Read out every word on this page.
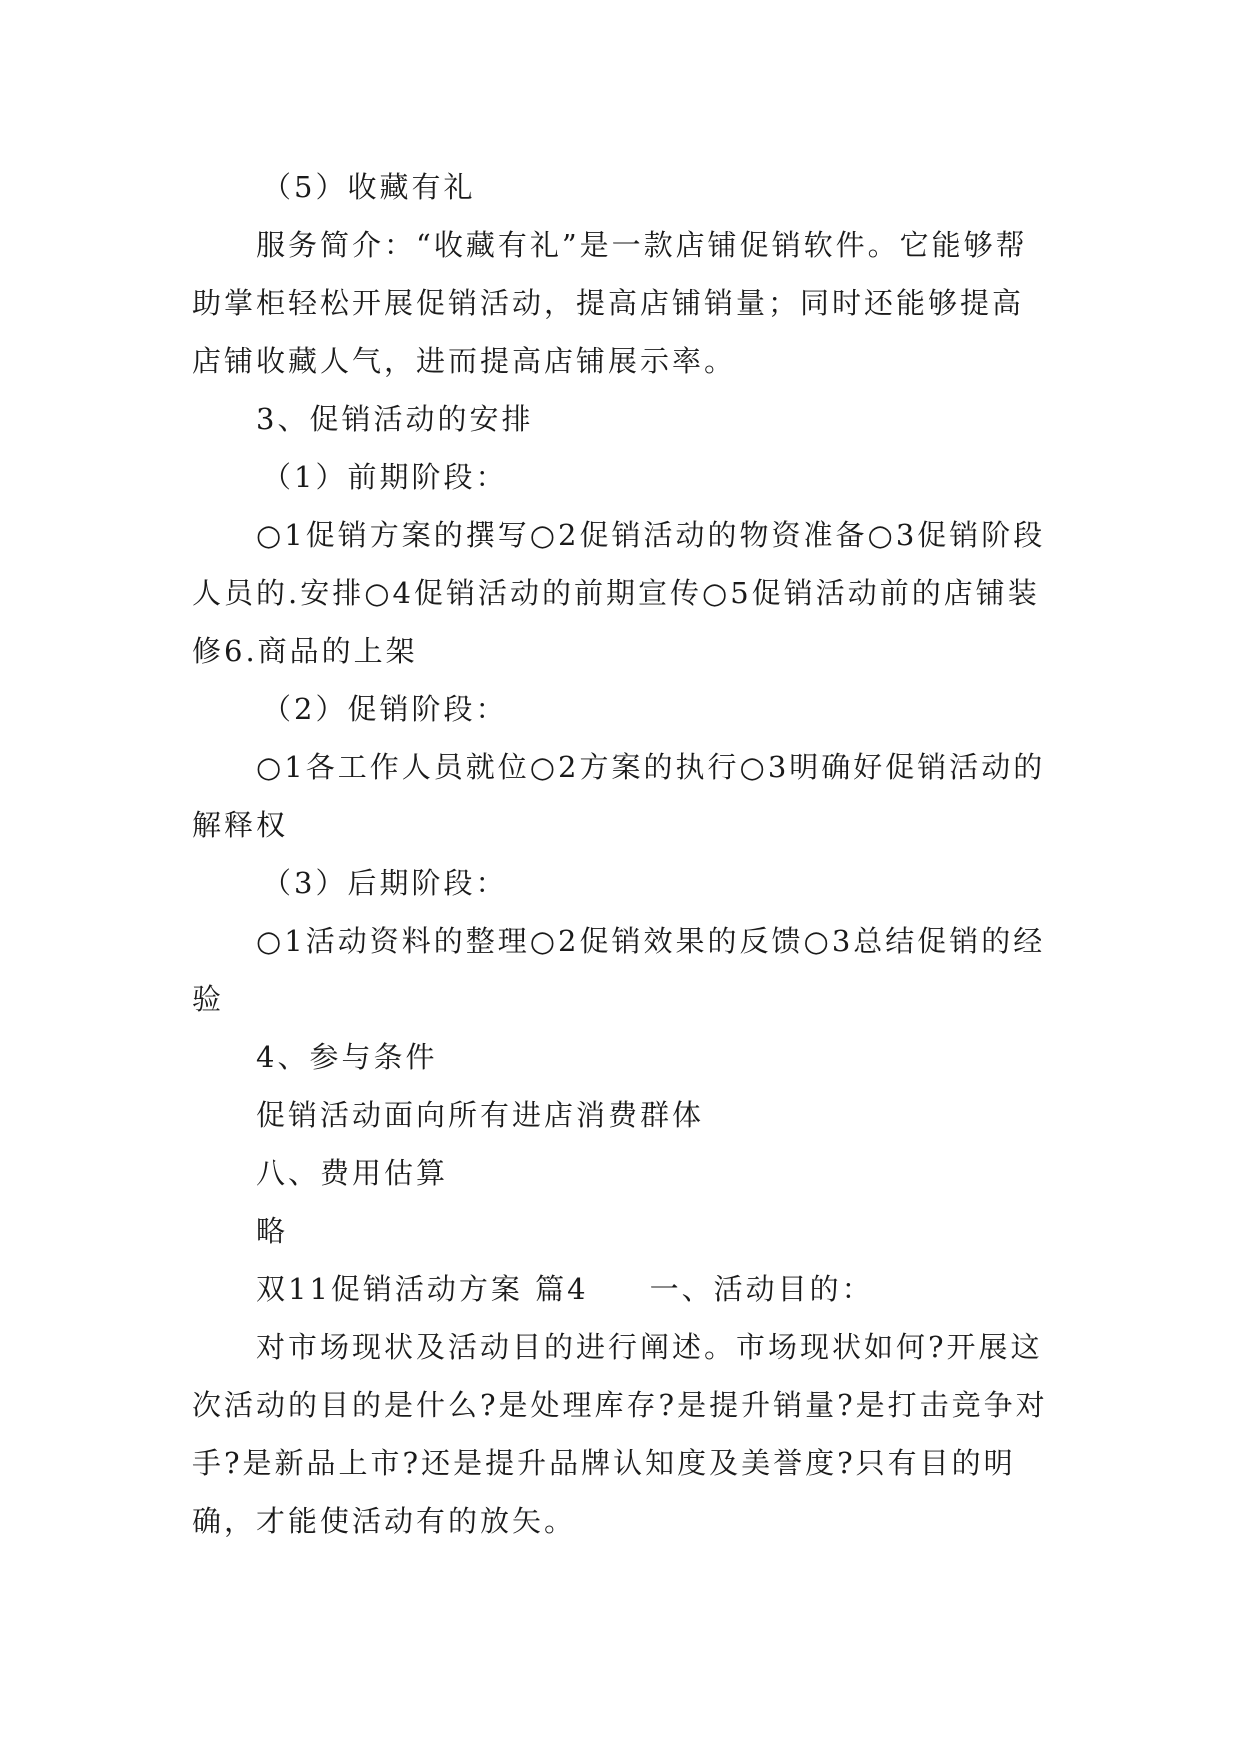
（5）收藏有礼

服务简介：“收藏有礼”是一款店铺促销软件。它能够帮助掌柜轻松开展促销活动，提高店铺销量；同时还能够提高店铺收藏人气，进而提高店铺展示率。

3、促销活动的安排

（1）前期阶段：

○1促销方案的撰写○2促销活动的物资准备○3促销阶段人员的.安排○4促销活动的前期宣传○5促销活动前的店铺装修6.商品的上架

（2）促销阶段：

○1各工作人员就位○2方案的执行○3明确好促销活动的解释权

（3）后期阶段：

○1活动资料的整理○2促销效果的反馈○3总结促销的经验

4、参与条件

促销活动面向所有进店消费群体

八、费用估算

略

双11促销活动方案 篇4     一、活动目的：

对市场现状及活动目的进行阐述。市场现状如何?开展这次活动的目的是什么?是处理库存?是提升销量?是打击竞争对手?是新品上市?还是提升品牌认知度及美誉度?只有目的明确，才能使活动有的放矢。
